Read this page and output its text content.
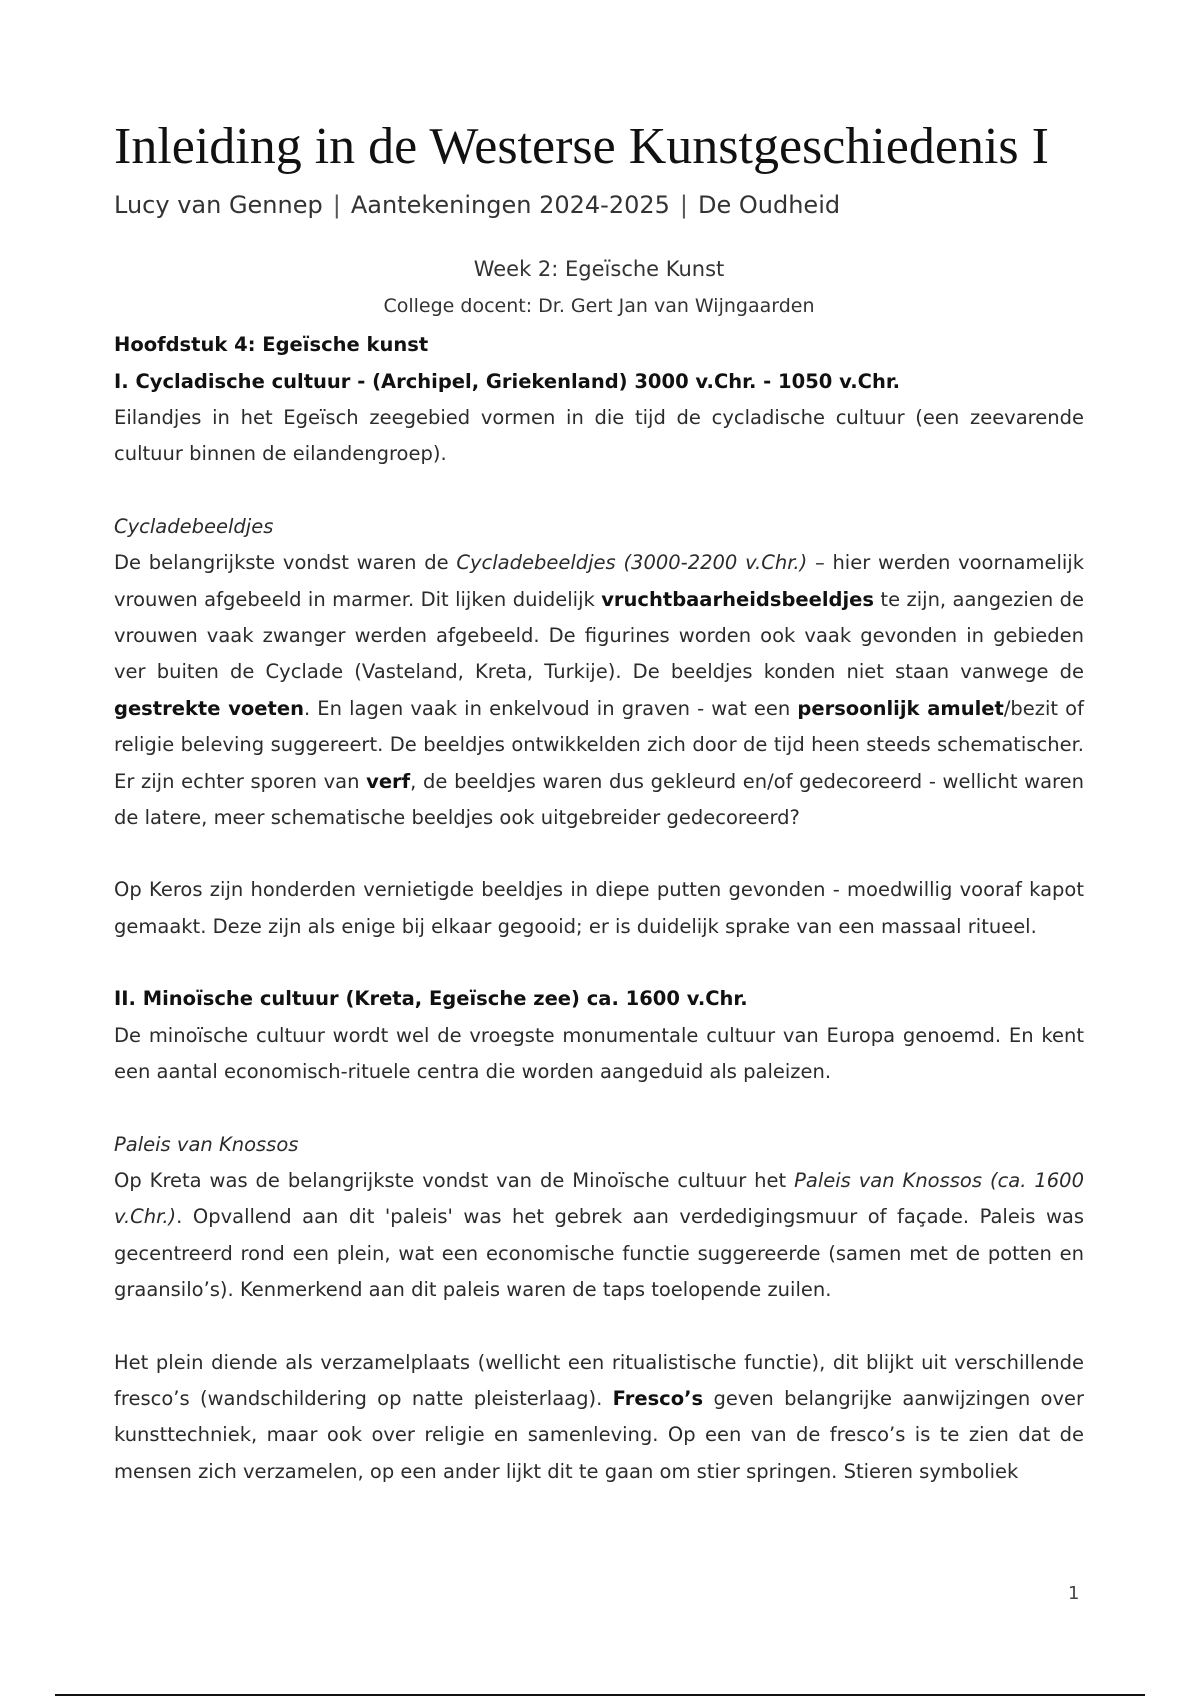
Inleiding in de Westerse Kunstgeschiedenis I
Lucy van Gennep | Aantekeningen 2024-2025 | De Oudheid
Week 2: Egeïsche Kunst
College docent: Dr. Gert Jan van Wijngaarden

Hoofdstuk 4: Egeïsche kunst

I. Cycladische cultuur - (Archipel, Griekenland) 3000 v.Chr. - 1050 v.Chr.

Eilandjes in het Egeïsch zeegebied vormen in die tijd de cycladische cultuur (een zeevarende cultuur binnen de eilandengroep).

Cycladebeeldjes

De belangrijkste vondst waren de Cycladebeeldjes (3000-2200 v.Chr.) – hier werden voornamelijk vrouwen afgebeeld in marmer. Dit lijken duidelijk vruchtbaarheidsbeeldjes te zijn, aangezien de vrouwen vaak zwanger werden afgebeeld. De figurines worden ook vaak gevonden in gebieden ver buiten de Cyclade (Vasteland, Kreta, Turkije). De beeldjes konden niet staan vanwege de gestrekte voeten. En lagen vaak in enkelvoud in graven - wat een persoonlijk amulet/bezit of religie beleving suggereert. De beeldjes ontwikkelden zich door de tijd heen steeds schematischer. Er zijn echter sporen van verf, de beeldjes waren dus gekleurd en/of gedecoreerd - wellicht waren de latere, meer schematische beeldjes ook uitgebreider gedecoreerd?

Op Keros zijn honderden vernietigde beeldjes in diepe putten gevonden - moedwillig vooraf kapot gemaakt. Deze zijn als enige bij elkaar gegooid; er is duidelijk sprake van een massaal ritueel.

II. Minoïsche cultuur (Kreta, Egeïsche zee) ca. 1600 v.Chr.

De minoïsche cultuur wordt wel de vroegste monumentale cultuur van Europa genoemd. En kent een aantal economisch-rituele centra die worden aangeduid als paleizen.

Paleis van Knossos

Op Kreta was de belangrijkste vondst van de Minoïsche cultuur het Paleis van Knossos (ca. 1600 v.Chr.). Opvallend aan dit 'paleis' was het gebrek aan verdedigingsmuur of façade. Paleis was gecentreerd rond een plein, wat een economische functie suggereerde (samen met de potten en graansilo’s). Kenmerkend aan dit paleis waren de taps toelopende zuilen.

Het plein diende als verzamelplaats (wellicht een ritualistische functie), dit blijkt uit verschillende fresco’s (wandschildering op natte pleisterlaag). Fresco’s geven belangrijke aanwijzingen over kunsttechniek, maar ook over religie en samenleving. Op een van de fresco’s is te zien dat de mensen zich verzamelen, op een ander lijkt dit te gaan om stier springen. Stieren symboliek

1
